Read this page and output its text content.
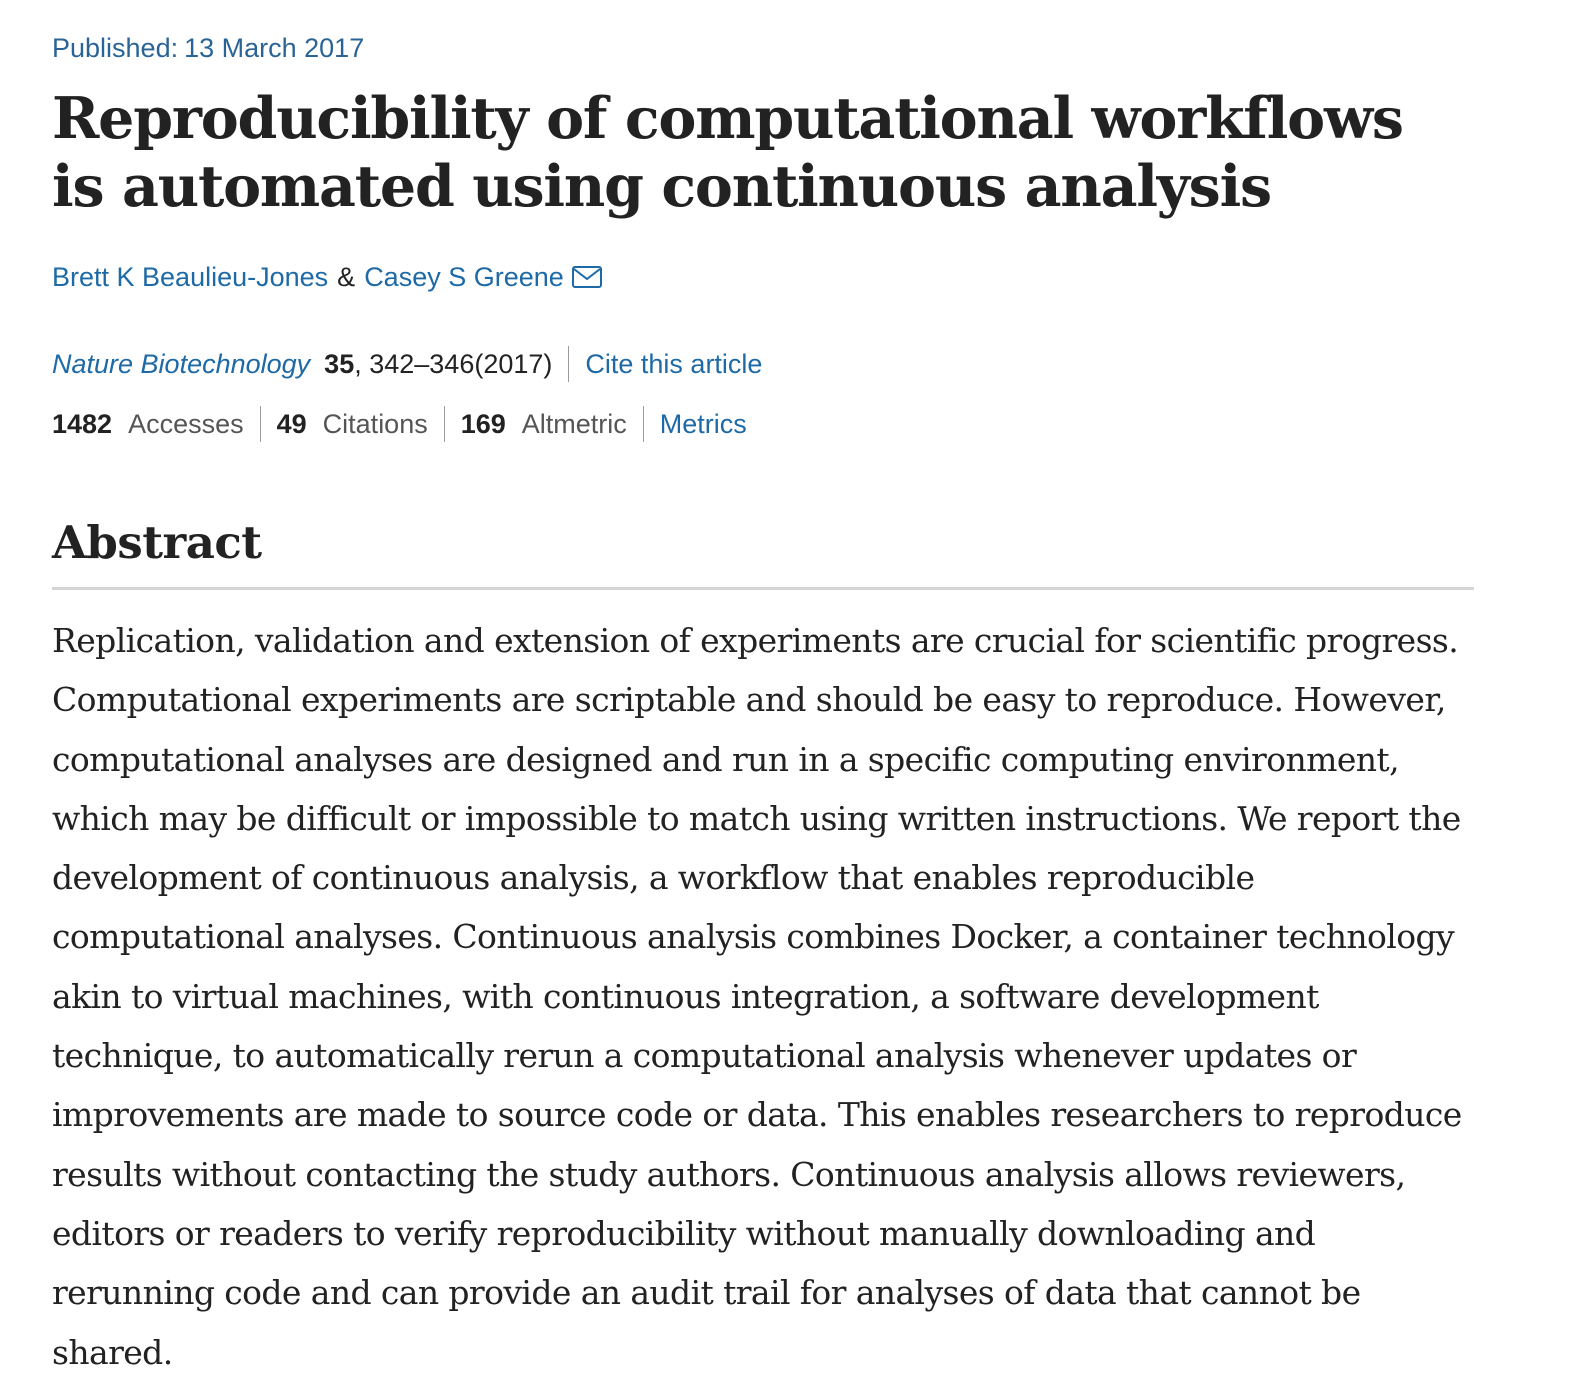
Published: 13 March 2017
Reproducibility of computational workflows is automated using continuous analysis
Brett K Beaulieu-Jones & Casey S Greene
Nature Biotechnology 35 , 342–346(2017) Cite this article
1482 Accesses 49 Citations 169 Altmetric Metrics
Abstract

Replication, validation and extension of experiments are crucial for scientific progress. Computational experiments are scriptable and should be easy to reproduce. However, computational analyses are designed and run in a specific computing environment, which may be difficult or impossible to match using written instructions. We report the development of continuous analysis, a workflow that enables reproducible computational analyses. Continuous analysis combines Docker, a container technology akin to virtual machines, with continuous integration, a software development technique, to automatically rerun a computational analysis whenever updates or improvements are made to source code or data. This enables researchers to reproduce results without contacting the study authors. Continuous analysis allows reviewers, editors or readers to verify reproducibility without manually downloading and rerunning code and can provide an audit trail for analyses of data that cannot be shared.
